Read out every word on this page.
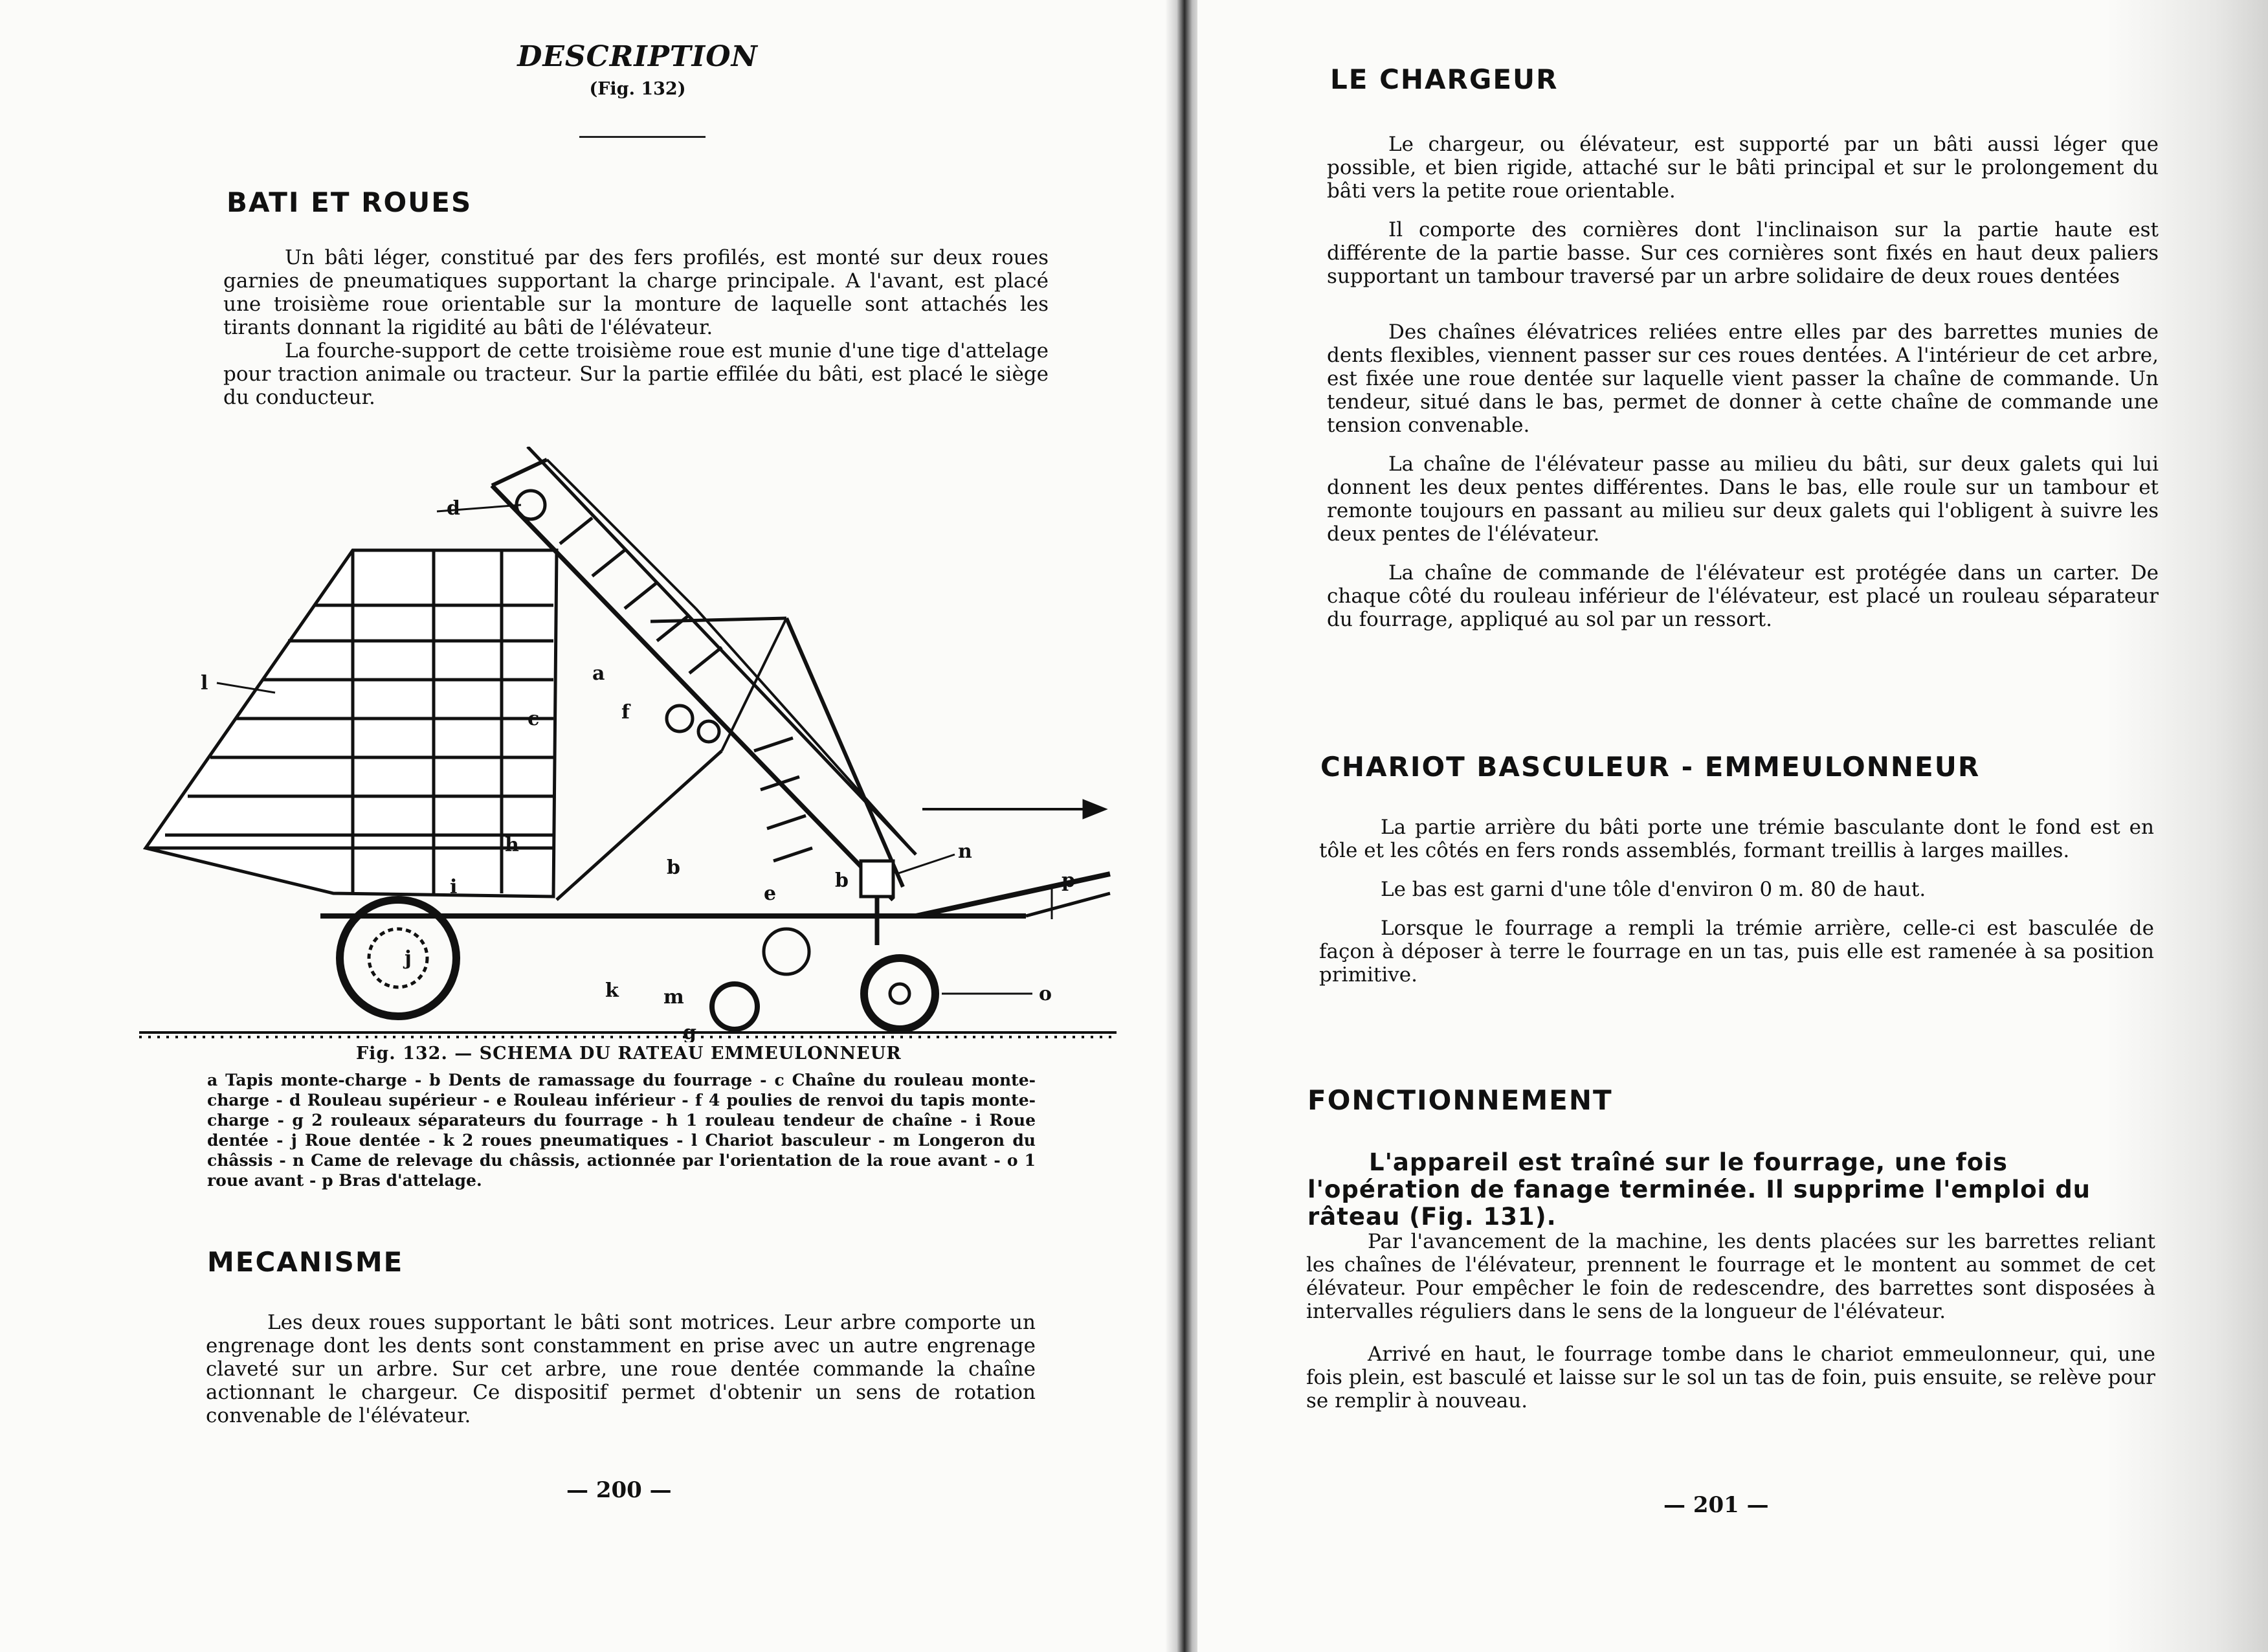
DESCRIPTION
(Fig. 132)
BATI ET ROUES

Un bâti léger, constitué par des fers profilés, est monté sur deux roues garnies de pneumatiques supportant la charge principale. A l'avant, est placé une troisième roue orientable sur la monture de laquelle sont attachés les tirants donnant la rigidité au bâti de l'élévateur.

La fourche-support de cette troisième roue est munie d'une tige d'attelage pour traction animale ou tracteur. Sur la partie effilée du bâti, est placé le siège du conducteur.

l
d
a
c	f
b
h
i
j
k m
g
e
b
n
o
p
Fig. 132. — SCHEMA DU RATEAU EMMEULONNEUR
a Tapis monte-charge - b Dents de ramassage du fourrage - c Chaîne du rouleau monte-charge - d Rouleau supérieur - e Rouleau inférieur - f 4 poulies de renvoi du tapis monte-charge - g 2 rouleaux séparateurs du fourrage - h 1 rouleau tendeur de chaîne - i Roue dentée - j Roue dentée - k 2 roues pneumatiques - l Chariot basculeur - m Longeron du châssis - n Came de relevage du châssis, actionnée par l'orientation de la roue avant - o 1 roue avant - p Bras d'attelage.
MECANISME

Les deux roues supportant le bâti sont motrices. Leur arbre comporte un engrenage dont les dents sont constamment en prise avec un autre engrenage claveté sur un arbre. Sur cet arbre, une roue dentée commande la chaîne actionnant le chargeur. Ce dispositif permet d'obtenir un sens de rotation convenable de l'élévateur.

— 200 —
LE CHARGEUR

Le chargeur, ou élévateur, est supporté par un bâti aussi léger que possible, et bien rigide, attaché sur le bâti principal et sur le prolongement du bâti vers la petite roue orientable.

Il comporte des cornières dont l'inclinaison sur la partie haute est différente de la partie basse. Sur ces cornières sont fixés en haut deux paliers supportant un tambour traversé par un arbre solidaire de deux roues dentées

Des chaînes élévatrices reliées entre elles par des barrettes munies de dents flexibles, viennent passer sur ces roues dentées. A l'intérieur de cet arbre, est fixée une roue dentée sur laquelle vient passer la chaîne de commande. Un tendeur, situé dans le bas, permet de donner à cette chaîne de commande une tension convenable.

La chaîne de l'élévateur passe au milieu du bâti, sur deux galets qui lui donnent les deux pentes différentes. Dans le bas, elle roule sur un tambour et remonte toujours en passant au milieu sur deux galets qui l'obligent à suivre les deux pentes de l'élévateur.

La chaîne de commande de l'élévateur est protégée dans un carter. De chaque côté du rouleau inférieur de l'élévateur, est placé un rouleau séparateur du fourrage, appliqué au sol par un ressort.

CHARIOT BASCULEUR - EMMEULONNEUR

La partie arrière du bâti porte une trémie basculante dont le fond est en tôle et les côtés en fers ronds assemblés, formant treillis à larges mailles.

Le bas est garni d'une tôle d'environ 0 m. 80 de haut.

Lorsque le fourrage a rempli la trémie arrière, celle-ci est basculée de façon à déposer à terre le fourrage en un tas, puis elle est ramenée à sa position primitive.

FONCTIONNEMENT
L'appareil est traîné sur le fourrage, une fois l'opération de fanage terminée. Il supprime l'emploi du râteau (Fig. 131).

Par l'avancement de la machine, les dents placées sur les barrettes reliant les chaînes de l'élévateur, prennent le fourrage et le montent au sommet de cet élévateur. Pour empêcher le foin de redescendre, des barrettes sont disposées à intervalles réguliers dans le sens de la longueur de l'élévateur.

Arrivé en haut, le fourrage tombe dans le chariot emmeulonneur, qui, une fois plein, est basculé et laisse sur le sol un tas de foin, puis ensuite, se relève pour se remplir à nouveau.

— 201 —
